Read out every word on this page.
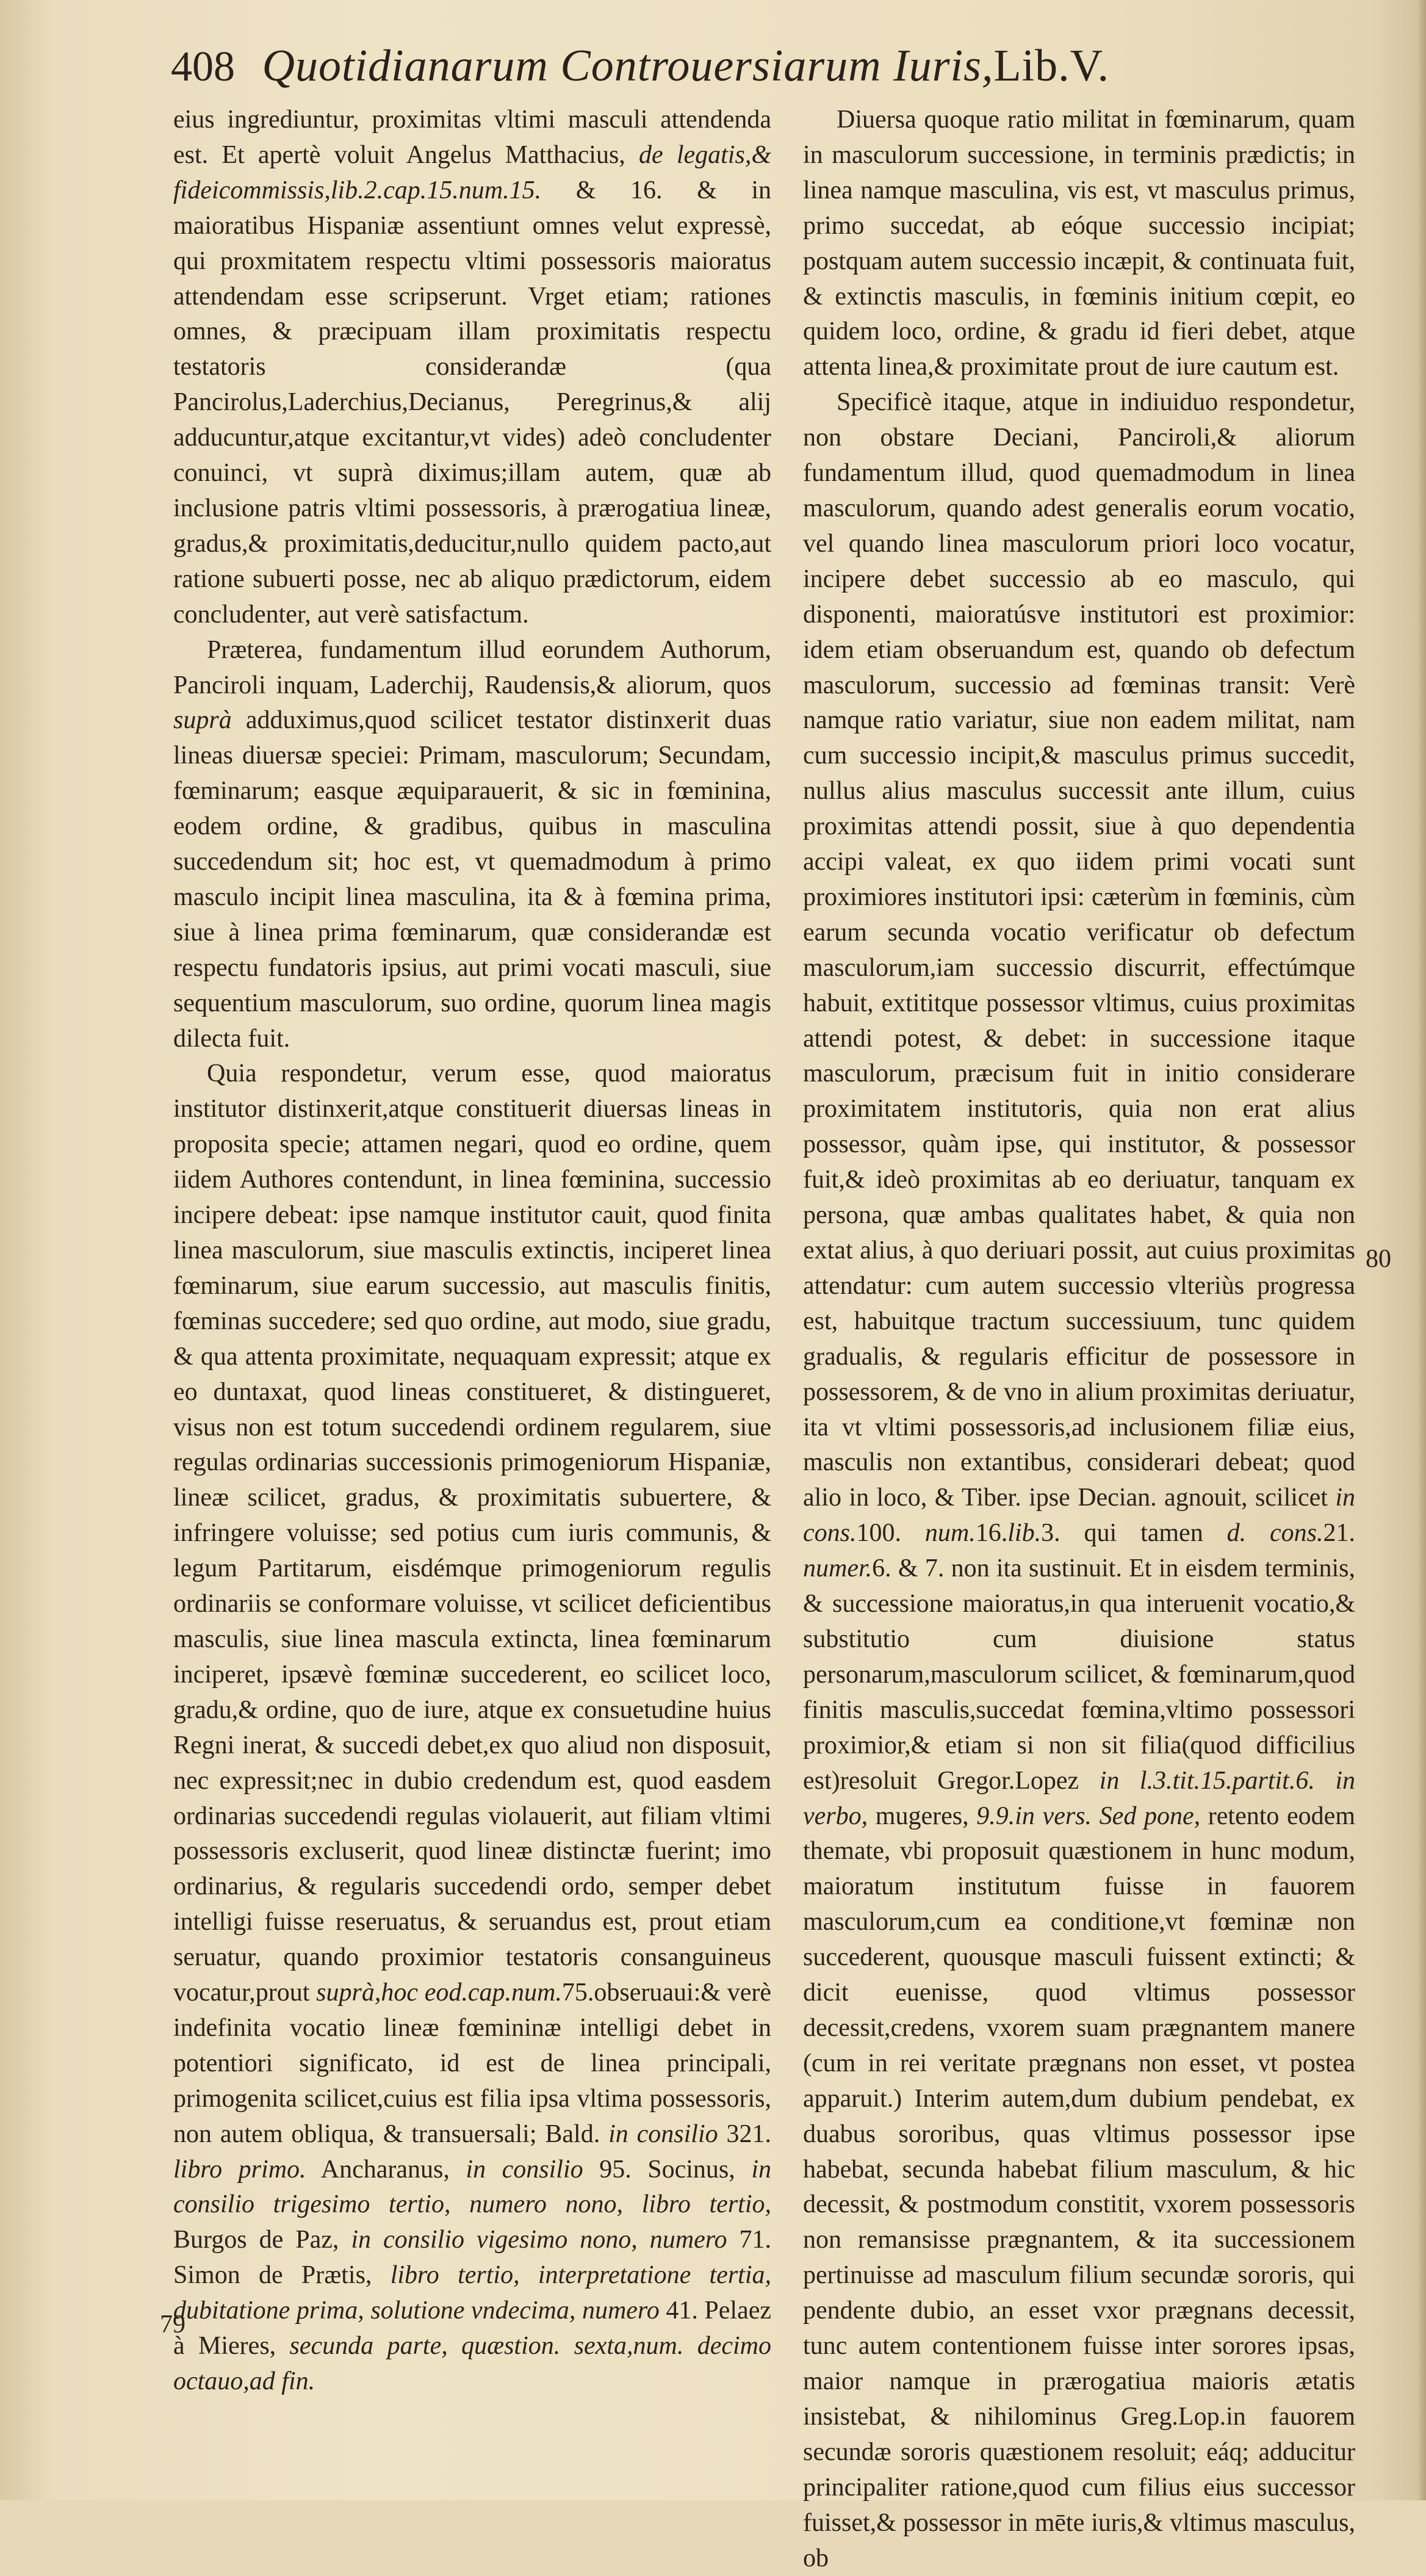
408 Quotidianarum Controuersiarum Iuris,Lib.V.

eius ingrediuntur, proximitas vltimi masculi attendenda est. Et apertè voluit Angelus Matthacius, de legatis,& fideicommissis,lib.2.cap.15.num.15. & 16. & in maioratibus Hispaniæ assentiunt omnes velut expressè, qui proxmitatem respectu vltimi possessoris maioratus attendendam esse scripserunt. Vrget etiam; rationes omnes, & præcipuam illam proximitatis respectu testatoris considerandæ (qua Pancirolus,Laderchius,Decianus, Peregrinus,& alij adducuntur,atque excitantur,vt vides) adeò concludenter conuinci, vt suprà diximus;illam autem, quæ ab inclusione patris vltimi possessoris, à prærogatiua lineæ, gradus,& proximitatis,deducitur,nullo quidem pacto,aut ratione subuerti posse, nec ab aliquo prædictorum, eidem concludenter, aut verè satisfactum.

Præterea, fundamentum illud eorundem Authorum, Panciroli inquam, Laderchij, Raudensis,& aliorum, quos suprà adduximus,quod scilicet testator distinxerit duas lineas diuersæ speciei: Primam, masculorum; Secundam, fœminarum; easque æquiparauerit, & sic in fœminina, eodem ordine, & gradibus, quibus in masculina succedendum sit; hoc est, vt quemadmodum à primo masculo incipit linea masculina, ita & à fœmina prima, siue à linea prima fœminarum, quæ considerandæ est respectu fundatoris ipsius, aut primi vocati masculi, siue sequentium masculorum, suo ordine, quorum linea magis dilecta fuit.

Quia respondetur, verum esse, quod maioratus institutor distinxerit,atque constituerit diuersas lineas in proposita specie; attamen negari, quod eo ordine, quem iidem Authores contendunt, in linea fœminina, successio incipere debeat: ipse namque institutor cauit, quod finita linea masculorum, siue masculis extinctis, inciperet linea fœminarum, siue earum successio, aut masculis finitis, fœminas succedere; sed quo ordine, aut modo, siue gradu, & qua attenta proximitate, nequaquam expressit; atque ex eo duntaxat, quod lineas constitueret, & distingueret, visus non est totum succedendi ordinem regularem, siue regulas ordinarias successionis primogeniorum Hispaniæ, lineæ scilicet, gradus, & proximitatis subuertere, & infringere voluisse; sed potius cum iuris communis, & legum Partitarum, eisdémque primogeniorum regulis ordinariis se conformare voluisse, vt scilicet deficientibus masculis, siue linea mascula extincta, linea fœminarum inciperet, ipsævè fœminæ succederent, eo scilicet loco, gradu,& ordine, quo de iure, atque ex consuetudine huius Regni inerat, & succedi debet,ex quo aliud non disposuit, nec expressit;nec in dubio credendum est, quod easdem ordinarias succedendi regulas violauerit, aut filiam vltimi possessoris excluserit, quod lineæ distinctæ fuerint; imo ordinarius, & regularis succedendi ordo, semper debet intelligi fuisse reseruatus, & seruandus est, prout etiam seruatur, quando proximior testatoris consanguineus vocatur,prout suprà,hoc eod.cap.num.75.obseruaui:& verè indefinita vocatio lineæ fœmininæ intelligi debet in potentiori significato, id est de linea principali, primogenita scilicet,cuius est filia ipsa vltima possessoris, non autem obliqua, & transuersali; Bald. in consilio 321. libro primo. Ancharanus, in consilio 95. Socinus, in consilio trigesimo tertio, numero nono, libro tertio, Burgos de Paz, in consilio vigesimo nono, numero 71. Simon de Prætis, libro tertio, interpretatione tertia, dubitatione prima, solutione vndecima, numero 41. Pelaez à Mieres, secunda parte, quæstion. sexta,num. decimo octauo,ad fin.

Diuersa quoque ratio militat in fœminarum, quam in masculorum successione, in terminis prædictis; in linea namque masculina, vis est, vt masculus primus, primo succedat, ab eóque successio incipiat; postquam autem successio incæpit, & continuata fuit, & extinctis masculis, in fœminis initium cœpit, eo quidem loco, ordine, & gradu id fieri debet, atque attenta linea,& proximitate prout de iure cautum est.

Specificè itaque, atque in indiuiduo respondetur, non obstare Deciani, Panciroli,& aliorum fundamentum illud, quod quemadmodum in linea masculorum, quando adest generalis eorum vocatio, vel quando linea masculorum priori loco vocatur, incipere debet successio ab eo masculo, qui disponenti, maioratúsve institutori est proximior: idem etiam obseruandum est, quando ob defectum masculorum, successio ad fœminas transit: Verè namque ratio variatur, siue non eadem militat, nam cum successio incipit,& masculus primus succedit, nullus alius masculus successit ante illum, cuius proximitas attendi possit, siue à quo dependentia accipi valeat, ex quo iidem primi vocati sunt proximiores institutori ipsi: cæterùm in fœminis, cùm earum secunda vocatio verificatur ob defectum masculorum,iam successio discurrit, effectúmque habuit, extititque possessor vltimus, cuius proximitas attendi potest, & debet: in successione itaque masculorum, præcisum fuit in initio considerare proximitatem institutoris, quia non erat alius possessor, quàm ipse, qui institutor, & possessor fuit,& ideò proximitas ab eo deriuatur, tanquam ex persona, quæ ambas qualitates habet, & quia non extat alius, à quo deriuari possit, aut cuius proximitas attendatur: cum autem successio vlteriùs progressa est, habuitque tractum successiuum, tunc quidem gradualis, & regularis efficitur de possessore in possessorem, & de vno in alium proximitas deriuatur, ita vt vltimi possessoris,ad inclusionem filiæ eius, masculis non extantibus, considerari debeat; quod alio in loco, & Tiber. ipse Decian. agnouit, scilicet in cons.100. num.16.lib.3. qui tamen d. cons.21. numer.6. & 7. non ita sustinuit. Et in eisdem terminis, & successione maioratus,in qua interuenit vocatio,& substitutio cum diuisione status personarum,masculorum scilicet, & fœminarum,quod finitis masculis,succedat fœmina,vltimo possessori proximior,& etiam si non sit filia(quod difficilius est)resoluit Gregor.Lopez in l.3.tit.15.partit.6. in verbo, mugeres, 9.9.in vers. Sed pone, retento eodem themate, vbi proposuit quæstionem in hunc modum, maioratum institutum fuisse in fauorem masculorum,cum ea conditione,vt fœminæ non succederent, quousque masculi fuissent extincti; & dicit euenisse, quod vltimus possessor decessit,credens, vxorem suam prægnantem manere (cum in rei veritate prægnans non esset, vt postea apparuit.) Interim autem,dum dubium pendebat, ex duabus sororibus, quas vltimus possessor ipse habebat, secunda habebat filium masculum, & hic decessit, & postmodum constitit, vxorem possessoris non remansisse prægnantem, & ita successionem pertinuisse ad masculum filium secundæ sororis, qui pendente dubio, an esset vxor prægnans decessit, tunc autem contentionem fuisse inter sorores ipsas, maior namque in prærogatiua maioris ætatis insistebat, & nihilominus Greg.Lop.in fauorem secundæ sororis quæstionem resoluit; eáq; adducitur principaliter ratione,quod cum filius eius successor fuisset,& possessor in mēte iuris,& vltimus masculus, ob

79
80
